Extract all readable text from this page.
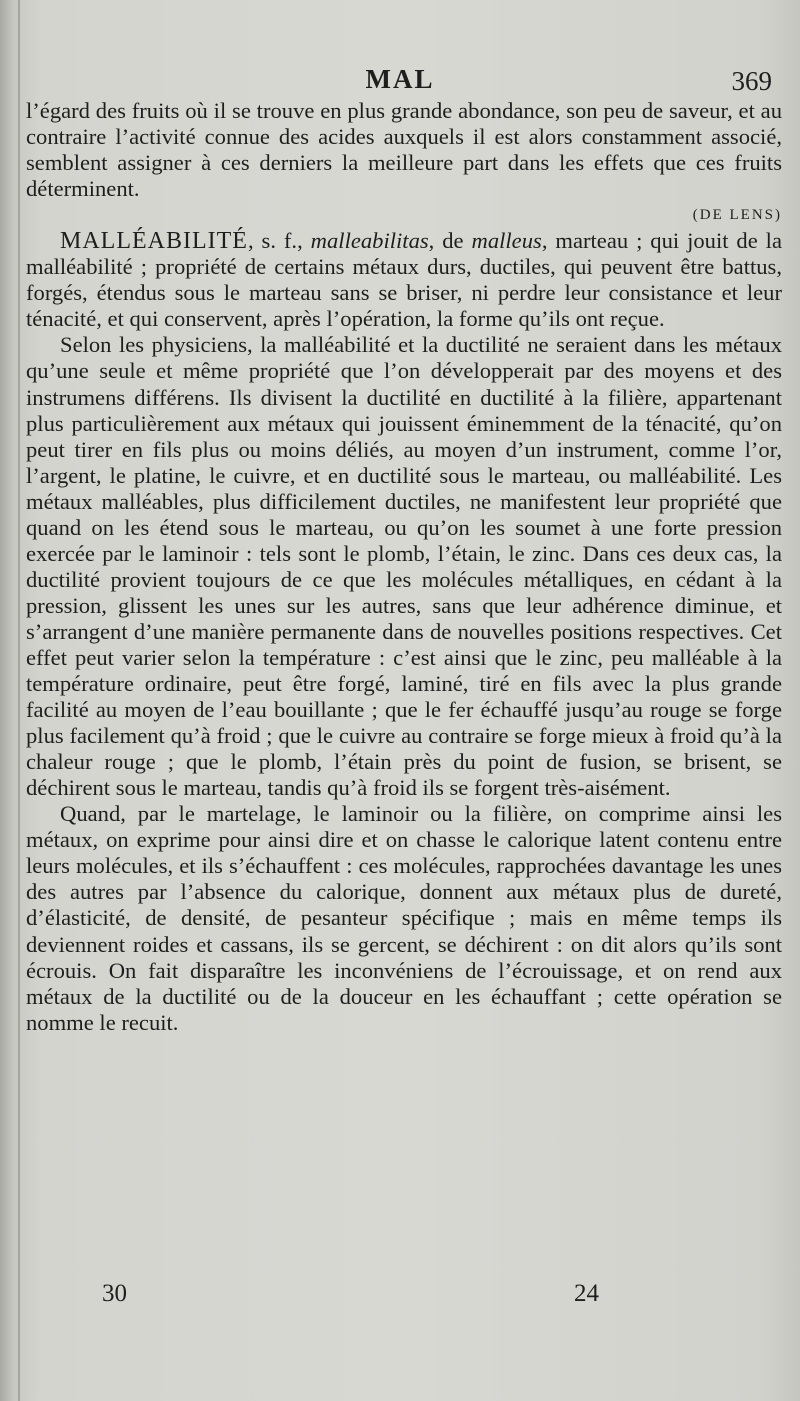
MAL	369

l’égard des fruits où il se trouve en plus grande abondance, son peu de saveur, et au contraire l’activité connue des acides auxquels il est alors constamment associé, semblent assigner à ces derniers la meilleure part dans les effets que ces fruits déterminent.

(DE LENS)

MALLÉABILITÉ, s. f., malleabilitas, de malleus, marteau ; qui jouit de la malléabilité ; propriété de certains métaux durs, ductiles, qui peuvent être battus, forgés, étendus sous le marteau sans se briser, ni perdre leur consistance et leur ténacité, et qui conservent, après l’opération, la forme qu’ils ont reçue.

Selon les physiciens, la malléabilité et la ductilité ne seraient dans les métaux qu’une seule et même propriété que l’on développerait par des moyens et des instrumens différens. Ils divisent la ductilité en ductilité à la filière, appartenant plus particulièrement aux métaux qui jouissent éminemment de la ténacité, qu’on peut tirer en fils plus ou moins déliés, au moyen d’un instrument, comme l’or, l’argent, le platine, le cuivre, et en ductilité sous le marteau, ou malléabilité. Les métaux malléables, plus difficilement ductiles, ne manifestent leur propriété que quand on les étend sous le marteau, ou qu’on les soumet à une forte pression exercée par le laminoir : tels sont le plomb, l’étain, le zinc. Dans ces deux cas, la ductilité provient toujours de ce que les molécules métalliques, en cédant à la pression, glissent les unes sur les autres, sans que leur adhérence diminue, et s’arrangent d’une manière permanente dans de nouvelles positions respectives. Cet effet peut varier selon la température : c’est ainsi que le zinc, peu malléable à la température ordinaire, peut être forgé, laminé, tiré en fils avec la plus grande facilité au moyen de l’eau bouillante ; que le fer échauffé jusqu’au rouge se forge plus facilement qu’à froid ; que le cuivre au contraire se forge mieux à froid qu’à la chaleur rouge ; que le plomb, l’étain près du point de fusion, se brisent, se déchirent sous le marteau, tandis qu’à froid ils se forgent très-aisément.

Quand, par le martelage, le laminoir ou la filière, on comprime ainsi les métaux, on exprime pour ainsi dire et on chasse le calorique latent contenu entre leurs molécules, et ils s’échauffent : ces molécules, rapprochées davantage les unes des autres par l’absence du calorique, donnent aux métaux plus de dureté, d’élasticité, de densité, de pesanteur spécifique ; mais en même temps ils deviennent roides et cassans, ils se gercent, se déchirent : on dit alors qu’ils sont écrouis. On fait disparaître les inconvéniens de l’écrouissage, et on rend aux métaux de la ductilité ou de la douceur en les échauffant ; cette opération se nomme le recuit.

30	24
